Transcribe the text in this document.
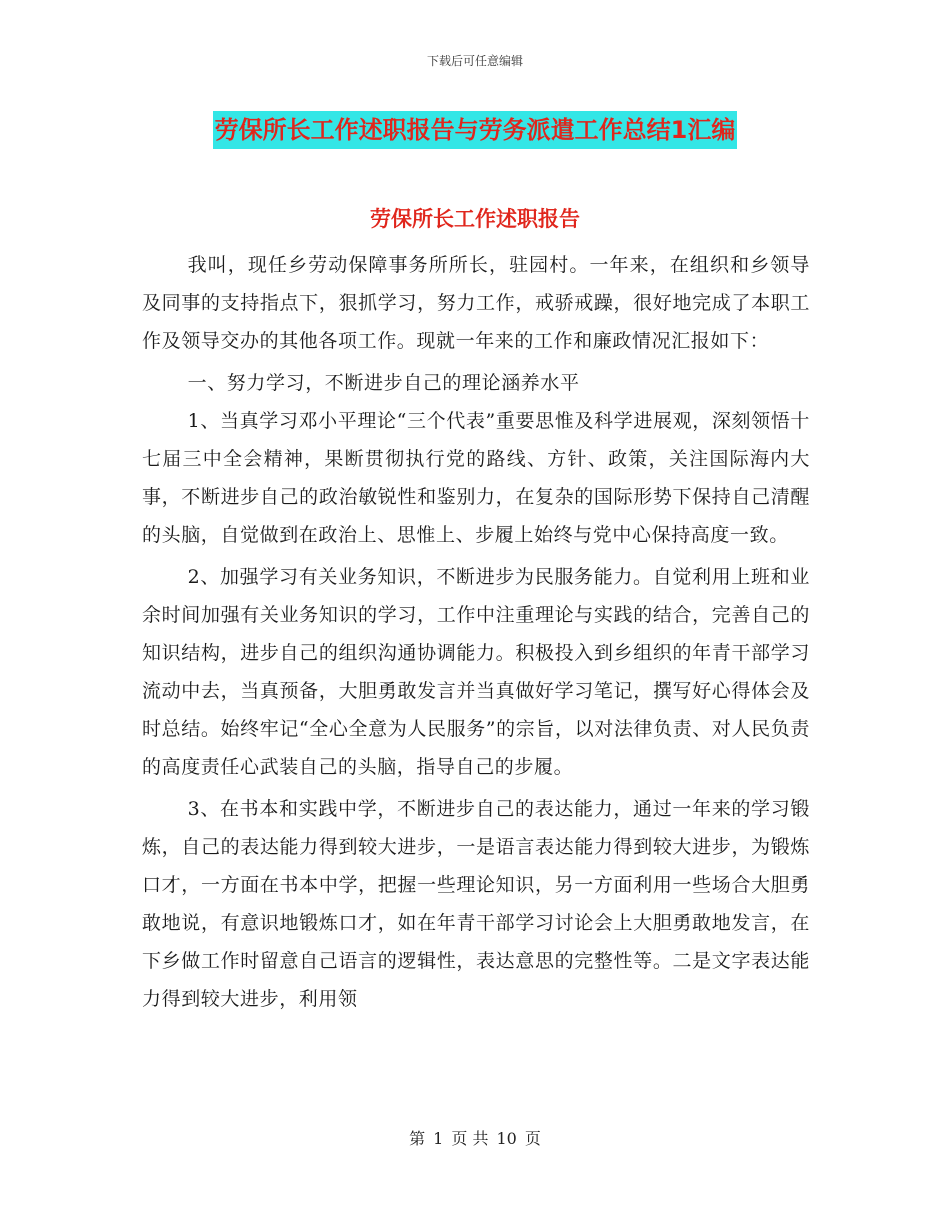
下载后可任意编辑
劳保所长工作述职报告与劳务派遣工作总结1汇编
劳保所长工作述职报告

我叫，现任乡劳动保障事务所所长，驻园村。一年来，在组织和乡领导及同事的支持指点下，狠抓学习，努力工作，戒骄戒躁，很好地完成了本职工作及领导交办的其他各项工作。现就一年来的工作和廉政情况汇报如下：

一、努力学习，不断进步自己的理论涵养水平

1、当真学习邓小平理论“三个代表”重要思惟及科学进展观，深刻领悟十七届三中全会精神，果断贯彻执行党的路线、方针、政策，关注国际海内大事，不断进步自己的政治敏锐性和鉴别力，在复杂的国际形势下保持自己清醒的头脑，自觉做到在政治上、思惟上、步履上始终与党中心保持高度一致。

2、加强学习有关业务知识，不断进步为民服务能力。自觉利用上班和业余时间加强有关业务知识的学习，工作中注重理论与实践的结合，完善自己的知识结构，进步自己的组织沟通协调能力。积极投入到乡组织的年青干部学习流动中去，当真预备，大胆勇敢发言并当真做好学习笔记，撰写好心得体会及时总结。始终牢记“全心全意为人民服务”的宗旨，以对法律负责、对人民负责的高度责任心武装自己的头脑，指导自己的步履。

3、在书本和实践中学，不断进步自己的表达能力，通过一年来的学习锻炼，自己的表达能力得到较大进步，一是语言表达能力得到较大进步，为锻炼口才，一方面在书本中学，把握一些理论知识，另一方面利用一些场合大胆勇敢地说，有意识地锻炼口才，如在年青干部学习讨论会上大胆勇敢地发言，在下乡做工作时留意自己语言的逻辑性，表达意思的完整性等。二是文字表达能力得到较大进步，利用领

第 1 页 共 10 页
